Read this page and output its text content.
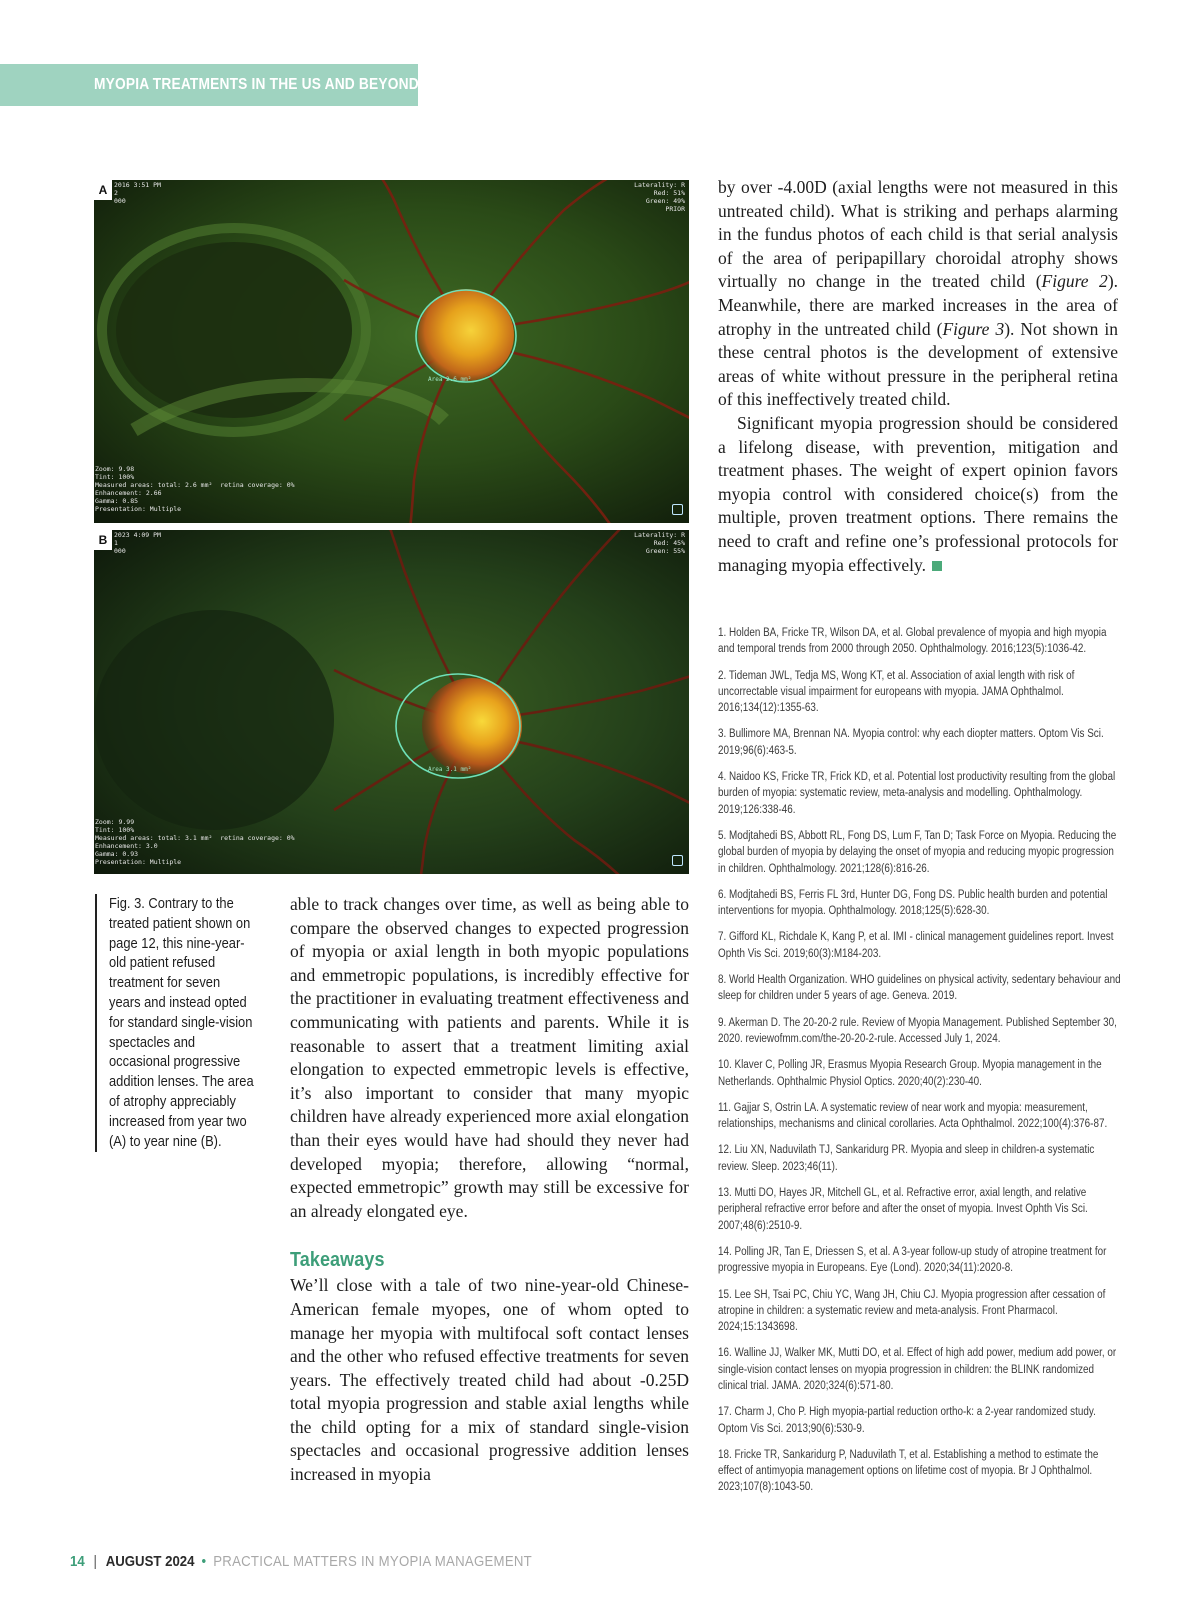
MYOPIA TREATMENTS IN THE US AND BEYOND
A	2016 3:51 PM
2
000
Laterality: R
Red: 51%
Green: 49%
PRIOR
Zoom: 9.98
Tint: 100%
Measured areas: total: 2.6 mm²  retina coverage: 0%
Enhancement: 2.66
Gamma: 0.85
Presentation: Multiple
Area 2.6 mm²
B	2023 4:09 PM
1
000
Laterality: R
Red: 45%
Green: 55%
Zoom: 9.99
Tint: 100%
Measured areas: total: 3.1 mm²  retina coverage: 0%
Enhancement: 3.0
Gamma: 0.93
Presentation: Multiple
Area 3.1 mm²

Fig. 3. Contrary to the treated patient shown on page 12, this nine-year-old patient refused treatment for seven years and instead opted for standard single-vision spectacles and occasional progressive addition lenses. The area of atrophy appreciably increased from year two (A) to year nine (B).

able to track changes over time, as well as being able to compare the observed changes to expected progression of myopia or axial length in both myopic populations and emmetropic populations, is incredibly effective for the practitioner in evaluating treatment effectiveness and communicating with patients and parents. While it is reasonable to assert that a treatment limiting axial elongation to expected emmetropic levels is effective, it’s also important to consider that many myopic children have already experienced more axial elongation than their eyes would have had should they never had developed myopia; therefore, allowing “normal, expected emmetropic” growth may still be excessive for an already elongated eye.

Takeaways

We’ll close with a tale of two nine-year-old Chinese-American female myopes, one of whom opted to manage her myopia with multifocal soft contact lenses and the other who refused effective treatments for seven years. The effectively treated child had about -0.25D total myopia progression and stable axial lengths while the child opting for a mix of standard single-vision spectacles and occasional progressive addition lenses increased in myopia

by over -4.00D (axial lengths were not measured in this untreated child). What is striking and perhaps alarming in the fundus photos of each child is that serial analysis of the area of peripapillary choroidal atrophy shows virtually no change in the treated child (Figure 2). Meanwhile, there are marked increases in the area of atrophy in the untreated child (Figure 3). Not shown in these central photos is the development of extensive areas of white without pressure in the peripheral retina of this ineffectively treated child.

Significant myopia progression should be considered a lifelong disease, with prevention, mitigation and treatment phases. The weight of expert opinion favors myopia control with considered choice(s) from the multiple, proven treatment options. There remains the need to craft and refine one’s professional protocols for managing myopia effectively.

1. Holden BA, Fricke TR, Wilson DA, et al. Global prevalence of myopia and high myopia and temporal trends from 2000 through 2050. Ophthalmology. 2016;123(5):1036-42.
2. Tideman JWL, Tedja MS, Wong KT, et al. Association of axial length with risk of uncorrectable visual impairment for europeans with myopia. JAMA Ophthalmol. 2016;134(12):1355-63.
3. Bullimore MA, Brennan NA. Myopia control: why each diopter matters. Optom Vis Sci. 2019;96(6):463-5.
4. Naidoo KS, Fricke TR, Frick KD, et al. Potential lost productivity resulting from the global burden of myopia: systematic review, meta-analysis and modelling. Ophthalmology. 2019;126:338-46.
5. Modjtahedi BS, Abbott RL, Fong DS, Lum F, Tan D; Task Force on Myopia. Reducing the global burden of myopia by delaying the onset of myopia and reducing myopic progression in children. Ophthalmology. 2021;128(6):816-26.
6. Modjtahedi BS, Ferris FL 3rd, Hunter DG, Fong DS. Public health burden and potential interventions for myopia. Ophthalmology. 2018;125(5):628-30.
7. Gifford KL, Richdale K, Kang P, et al. IMI - clinical management guidelines report. Invest Ophth Vis Sci. 2019;60(3):M184-203.
8. World Health Organization. WHO guidelines on physical activity, sedentary behaviour and sleep for children under 5 years of age. Geneva. 2019.
9. Akerman D. The 20-20-2 rule. Review of Myopia Management. Published September 30, 2020. reviewofmm.com/the-20-20-2-rule. Accessed July 1, 2024.
10. Klaver C, Polling JR, Erasmus Myopia Research Group. Myopia management in the Netherlands. Ophthalmic Physiol Optics. 2020;40(2):230-40.
11. Gajjar S, Ostrin LA. A systematic review of near work and myopia: measurement, relationships, mechanisms and clinical corollaries. Acta Ophthalmol. 2022;100(4):376-87.
12. Liu XN, Naduvilath TJ, Sankaridurg PR. Myopia and sleep in children-a systematic review. Sleep. 2023;46(11).
13. Mutti DO, Hayes JR, Mitchell GL, et al. Refractive error, axial length, and relative peripheral refractive error before and after the onset of myopia. Invest Ophth Vis Sci. 2007;48(6):2510-9.
14. Polling JR, Tan E, Driessen S, et al. A 3-year follow-up study of atropine treatment for progressive myopia in Europeans. Eye (Lond). 2020;34(11):2020-8.
15. Lee SH, Tsai PC, Chiu YC, Wang JH, Chiu CJ. Myopia progression after cessation of atropine in children: a systematic review and meta-analysis. Front Pharmacol. 2024;15:1343698.
16. Walline JJ, Walker MK, Mutti DO, et al. Effect of high add power, medium add power, or single-vision contact lenses on myopia progression in children: the BLINK randomized clinical trial. JAMA. 2020;324(6):571-80.
17. Charm J, Cho P. High myopia-partial reduction ortho-k: a 2-year randomized study. Optom Vis Sci. 2013;90(6):530-9.
18. Fricke TR, Sankaridurg P, Naduvilath T, et al. Establishing a method to estimate the effect of antimyopia management options on lifetime cost of myopia. Br J Ophthalmol. 2023;107(8):1043-50.
14 | AUGUST 2024 • PRACTICAL MATTERS IN MYOPIA MANAGEMENT
